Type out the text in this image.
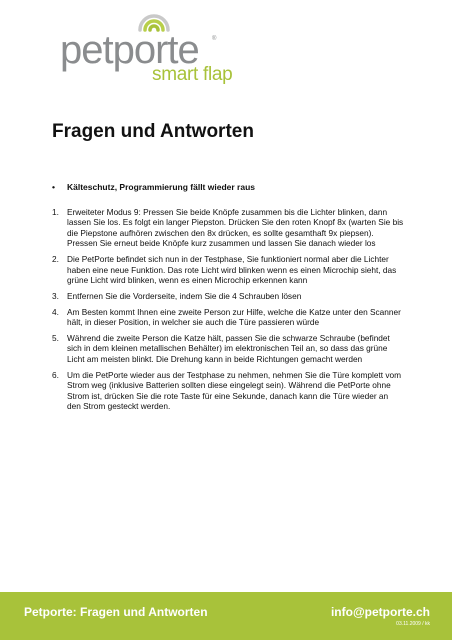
petporte ®
smart flap
Fragen und Antworten
•	Kälteschutz, Programmierung fällt wieder raus
1. Erweiteter Modus 9: Pressen Sie beide Knöpfe zusammen bis die Lichter blinken, dann lassen Sie los. Es folgt ein langer Piepston. Drücken Sie den roten Knopf 8x (warten Sie bis die Piepstone aufhören zwischen den 8x drücken, es sollte gesamthaft 9x piepsen). Pressen Sie erneut beide Knöpfe kurz zusammen und lassen Sie danach wieder los
2. Die PetPorte befindet sich nun in der Testphase, Sie funktioniert normal aber die Lichter haben eine neue Funktion. Das rote Licht wird blinken wenn es einen Microchip sieht, das grüne Licht wird blinken, wenn es einen Microchip erkennen kann
3. Entfernen Sie die Vorderseite, indem Sie die 4 Schrauben lösen
4. Am Besten kommt Ihnen eine zweite Person zur Hilfe, welche die Katze unter den Scanner hält, in dieser Position, in welcher sie auch die Türe passieren würde
5. Während die zweite Person die Katze hält, passen Sie die schwarze Schraube (befindet sich in dem kleinen metallischen Behälter) im elektronischen Teil an, so dass das grüne Licht am meisten blinkt. Die Drehung kann in beide Richtungen gemacht werden
6. Um die PetPorte wieder aus der Testphase zu nehmen, nehmen Sie die Türe komplett vom Strom weg (inklusive Batterien sollten diese eingelegt sein). Während die PetPorte ohne Strom ist, drücken Sie die rote Taste für eine Sekunde, danach kann die Türe wieder an den Strom gesteckt werden.
Petporte: Fragen und Antworten	info@petporte.ch
03.11.2009 / kk
